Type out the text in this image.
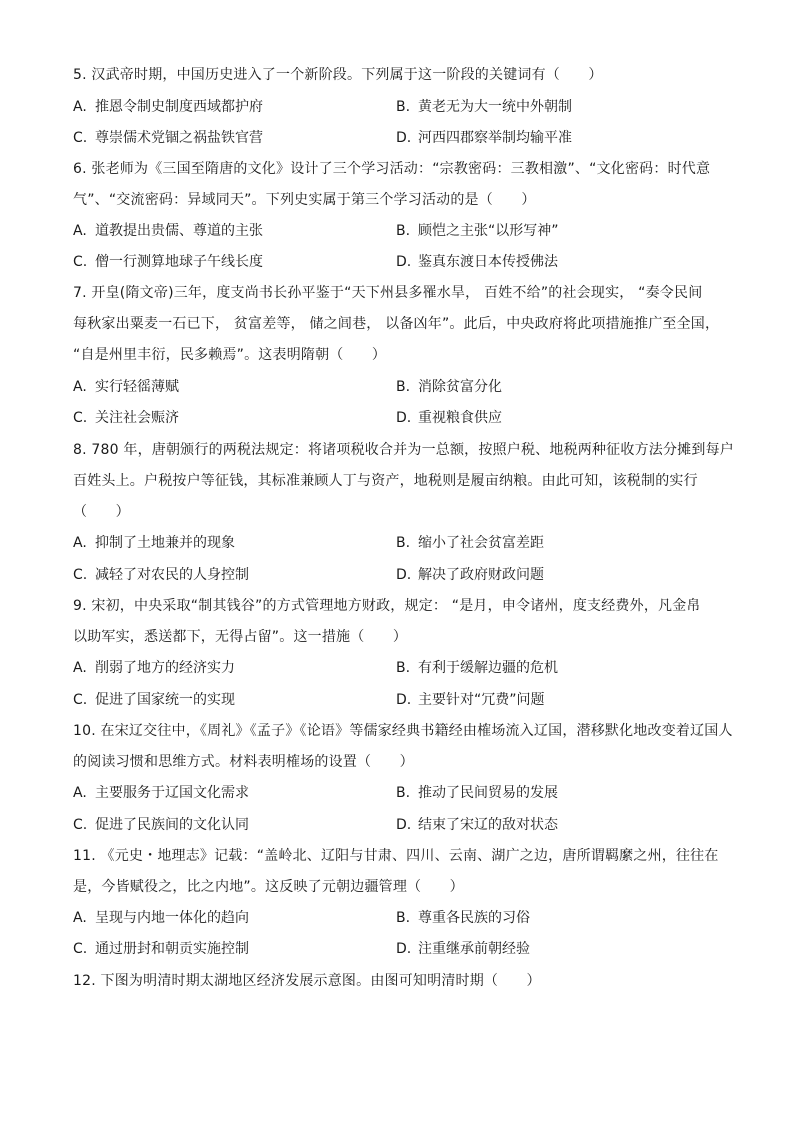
5. 汉武帝时期，中国历史进入了一个新阶段。下列属于这一阶段的关键词有（　　）
A. 推恩令制史制度西域都护府	B. 黄老无为大一统中外朝制
C. 尊崇儒术党锢之祸盐铁官营	D. 河西四郡察举制均输平准
6. 张老师为《三国至隋唐的文化》设计了三个学习活动：“宗教密码：三教相激”、“文化密码：时代意
气”、“交流密码：异域同天”。下列史实属于第三个学习活动的是（　　）
A. 道教提出贵儒、尊道的主张	B. 顾恺之主张“以形写神”
C. 僧一行测算地球子午线长度	D. 鉴真东渡日本传授佛法
7. 开皇(隋文帝)三年，度支尚书长孙平鉴于“天下州县多罹水旱， 百姓不给”的社会现实， “奏令民间
每秋家出粟麦一石已下， 贫富差等， 储之闾巷， 以备凶年”。此后，中央政府将此项措施推广至全国，
“自是州里丰衍，民多赖焉”。这表明隋朝（　　）
A. 实行轻徭薄赋	B. 消除贫富分化
C. 关注社会赈济	D. 重视粮食供应
8. 780 年，唐朝颁行的两税法规定：将诸项税收合并为一总额，按照户税、地税两种征收方法分摊到每户
百姓头上。户税按户等征钱，其标准兼顾人丁与资产，地税则是履亩纳粮。由此可知，该税制的实行
（　　）
A. 抑制了土地兼并的现象	B. 缩小了社会贫富差距
C. 减轻了对农民的人身控制	D. 解决了政府财政问题
9. 宋初，中央采取“制其钱谷”的方式管理地方财政，规定： “是月，申令诸州，度支经费外，凡金帛
以助军实，悉送都下，无得占留”。这一措施（　　）
A. 削弱了地方的经济实力	B. 有利于缓解边疆的危机
C. 促进了国家统一的实现	D. 主要针对“冗费”问题
10. 在宋辽交往中，《周礼》《孟子》《论语》等儒家经典书籍经由榷场流入辽国，潜移默化地改变着辽国人
的阅读习惯和思维方式。材料表明榷场的设置（　　）
A. 主要服务于辽国文化需求	B. 推动了民间贸易的发展
C. 促进了民族间的文化认同	D. 结束了宋辽的敌对状态
11. 《元史・地理志》记载：“盖岭北、辽阳与甘肃、四川、云南、湖广之边，唐所谓羁縻之州，往往在
是，今皆赋役之，比之内地”。这反映了元朝边疆管理（　　）
A. 呈现与内地一体化的趋向	B. 尊重各民族的习俗
C. 通过册封和朝贡实施控制	D. 注重继承前朝经验
12. 下图为明清时期太湖地区经济发展示意图。由图可知明清时期（　　）
